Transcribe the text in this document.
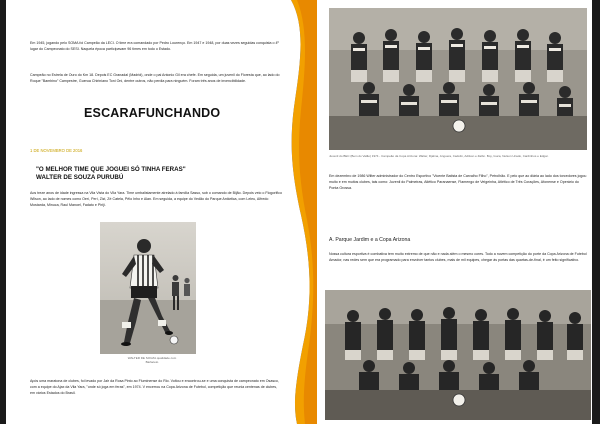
Em 1945, jogando pelo SOMA foi Campeão da LECI. O time era comandado por Pedro Lourenço. Em 1947 e 1948, por duas vezes seguidas conquista o 4º lugar do Campeonato do SESI. Naquela época participavam 96 times em todo o Estado.

Campeão no Estrela de Ouro do Km 18. Depois EC Granadal (Madrid), onde o pai Antonio Gil era chefe. Em seguida, um juvenil do Floresta que, ao lado do Roque "Bambino" Campestre, Guerua Chiriniano Toni Oni, dentre outros, não perdia para ninguém. Foram três anos de invencibilidade.

ESCARAFUNCHANDO

1 DE NOVEMBRO DE 2016

"O MELHOR TIME QUE JOGUEI SÓ TINHA FERAS"
WALTER DE SOUZA PURUBÚ

Aos treze anos de idade ingressa na Vila Vista do Vila Yara. Time umbalistamente atrelado à família Sasso, sob o comando de Bijão. Depois veio o Flogorifico Wilson, ao lado de nomes como Oerí, Perí, Zizi, Zé Catela, Pêlo Inho e Alan. Em seguida, a equipe do Vedão do Parque Antártica, com Leleu, Alfredo Mostarda, Minuca, Raul Manoel, Fadato e Piriji.

WALTER DE SOUZA qualidade com Barlaceto

Após uma maratona de clubes, foi levado por Jair da Rosa Pinto ao Fluminense do Rio. Voltou e encontrou-se e uma conquista de campeonato em Osasco, com a equipe do Ajax da Vila Yara, "onde só joga em feras", em 1974. V encerrou na Copa Arizona de Futebol, competição que reunia centenas de clubes, em vários Estados do Brasil.

Juvenil do BEC (Bem do Valão) 1974 - Campeão da Copa Arizona: Walter, Djalma, Anguera, Cadolin, Adilson e Zalôn. Boy, Guca, Nelson Ucado, Cardinhos e Edgar.

Em dezembro de 1986 Wilter administrador do Centro Esportivo "Vicente Batista de Carvalho Filho", Petrolhão. E pelo que ao diária ao lado dos torcedores jogou muito e em muitos clubes, tais como: Juvenil do Palmeiras, Atlético Paranaense, Flamengo de Veigeinha, Atlético de Três Corações, Afonense e Operário do Ponta Grossa.

A. Parque Jardim e a Copa Arizona

Nossa cultura esportiva é combativa tem muito extremo de que não e nada além o mesmo cores. Todo a nuvem competição do porte da Copa Arizona de Futebol Amador, nas redes sem que era programado para envolver tantos clubes, mais de mil equipes, chegar às portas das quartas-de-final, é um feito significativo.
